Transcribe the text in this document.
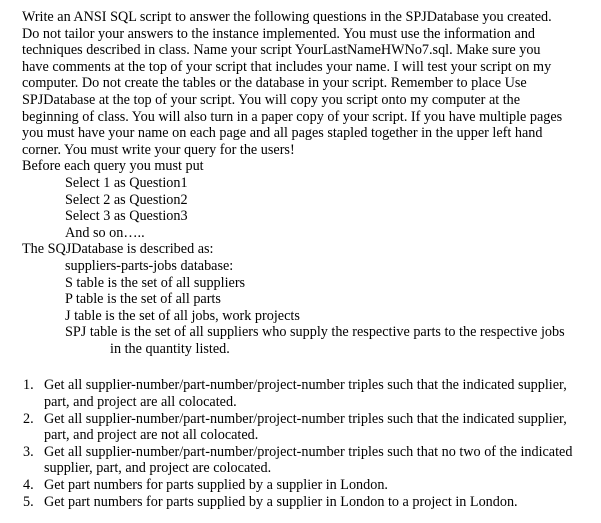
Write an ANSI SQL script to answer the following questions in the SPJDatabase you created.
Do not tailor your answers to the instance implemented. You must use the information and
techniques described in class. Name your script YourLastNameHWNo7.sql. Make sure you
have comments at the top of your script that includes your name. I will test your script on my
computer. Do not create the tables or the database in your script. Remember to place Use
SPJDatabase at the top of your script. You will copy you script onto my computer at the
beginning of class. You will also turn in a paper copy of your script. If you have multiple pages
you must have your name on each page and all pages stapled together in the upper left hand
corner. You must write your query for the users!

Before each query you must put
Select 1 as Question1
Select 2 as Question2
Select 3 as Question3
And so on…..
The SQJDatabase is described as:
suppliers-parts-jobs database:
S table is the set of all suppliers
P table is the set of all parts
J table is the set of all jobs, work projects
SPJ table is the set of all suppliers who supply the respective parts to the respective jobs
in the quantity listed.
1. Get all supplier-number/part-number/project-number triples such that the indicated supplier,
part, and project are all colocated.
2. Get all supplier-number/part-number/project-number triples such that the indicated supplier,
part, and project are not all colocated.
3. Get all supplier-number/part-number/project-number triples such that no two of the indicated
supplier, part, and project are colocated.
4. Get part numbers for parts supplied by a supplier in London.
5. Get part numbers for parts supplied by a supplier in London to a project in London.
